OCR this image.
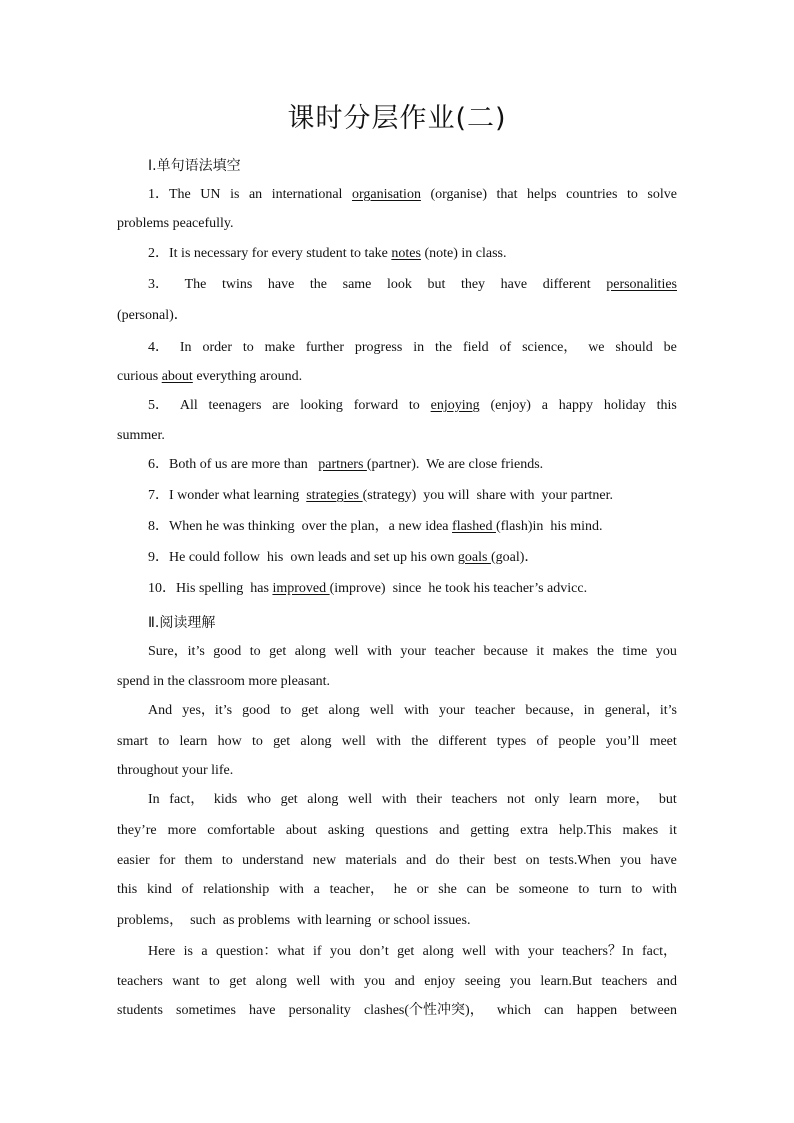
课时分层作业(二)
Ⅰ.单句语法填空
1．The UN is an international organisation (organise) that helps countries to solve
problems peacefully.
2．It is necessary for every student to take notes (note) in class.
3． The twins have the same look but they have different personalities
(personal)．
4． In order to make further progress in the field of science， we should be
curious about everything around.
5． All teenagers are looking forward to enjoying (enjoy) a happy holiday this
summer.
6．Both of us are more than   partners (partner).  We are close friends.
7．I wonder what learning  strategies (strategy)  you will  share with  your partner.
8．When he was thinking  over the plan，a new idea flashed (flash)in  his mind.
9．He could follow  his  own leads and set up his own goals (goal)．
10．His spelling  has improved (improve)  since  he took his teacher’s advicc.
Ⅱ.阅读理解
Sure，it’s good to get along well with your teacher because it makes the time you
spend in the classroom more pleasant.
And yes，it’s good to get along well with your teacher because，in general，it’s
smart to learn how to get along well with the different types of people you’ll meet
throughout your life.
In fact， kids who get along well with their teachers not only learn more， but
they’re more comfortable about asking questions and getting extra help.This makes it
easier for them to understand new materials and do their best on tests.When you have
this kind of relationship with a teacher， he or she can be someone to turn to with
problems，  such  as problems  with learning  or school issues.
Here is a question：what if you don’t get along well with your teachers？In fact，
teachers want to get along well with you and enjoy seeing you learn.But teachers and
students sometimes have personality clashes(个性冲突)， which can happen between
